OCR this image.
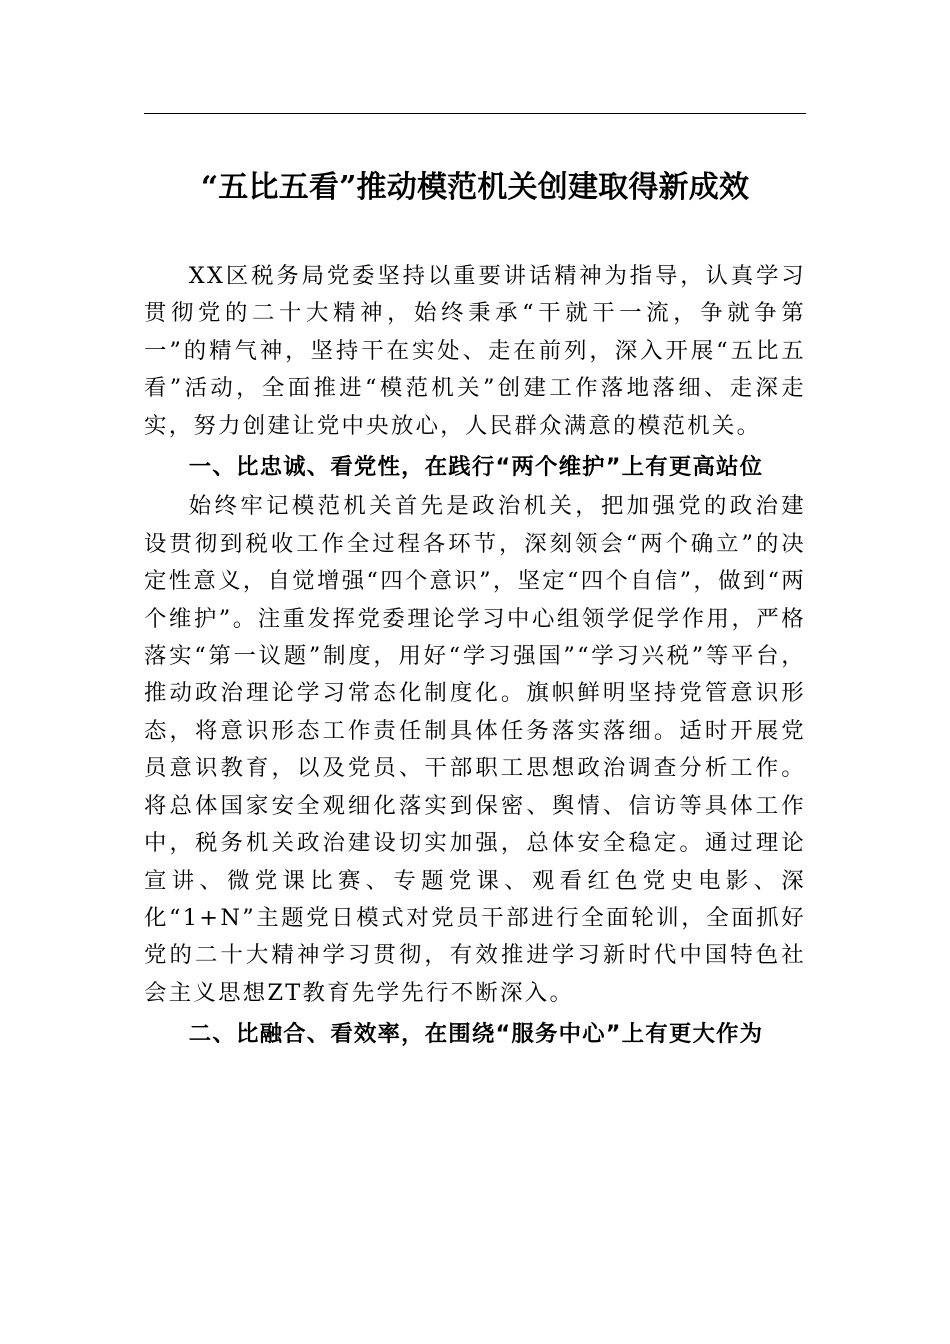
“五比五看”推动模范机关创建取得新成效

XX区税务局党委坚持以重要讲话精神为指导，认真学习贯彻党的二十大精神，始终秉承“干就干一流，争就争第一”的精气神，坚持干在实处、走在前列，深入开展“五比五看”活动，全面推进“模范机关”创建工作落地落细、走深走实，努力创建让党中央放心，人民群众满意的模范机关。

一、比忠诚、看党性，在践行“两个维护”上有更高站位

始终牢记模范机关首先是政治机关，把加强党的政治建设贯彻到税收工作全过程各环节，深刻领会“两个确立”的决定性意义，自觉增强“四个意识”，坚定“四个自信”，做到“两个维护”。注重发挥党委理论学习中心组领学促学作用，严格落实“第一议题”制度，用好“学习强国”“学习兴税”等平台，推动政治理论学习常态化制度化。旗帜鲜明坚持党管意识形态，将意识形态工作责任制具体任务落实落细。适时开展党员意识教育，以及党员、干部职工思想政治调查分析工作。将总体国家安全观细化落实到保密、舆情、信访等具体工作中，税务机关政治建设切实加强，总体安全稳定。通过理论宣讲、微党课比赛、专题党课、观看红色党史电影、深化“1+N”主题党日模式对党员干部进行全面轮训，全面抓好党的二十大精神学习贯彻，有效推进学习新时代中国特色社会主义思想ZT教育先学先行不断深入。

二、比融合、看效率，在围绕“服务中心”上有更大作为
